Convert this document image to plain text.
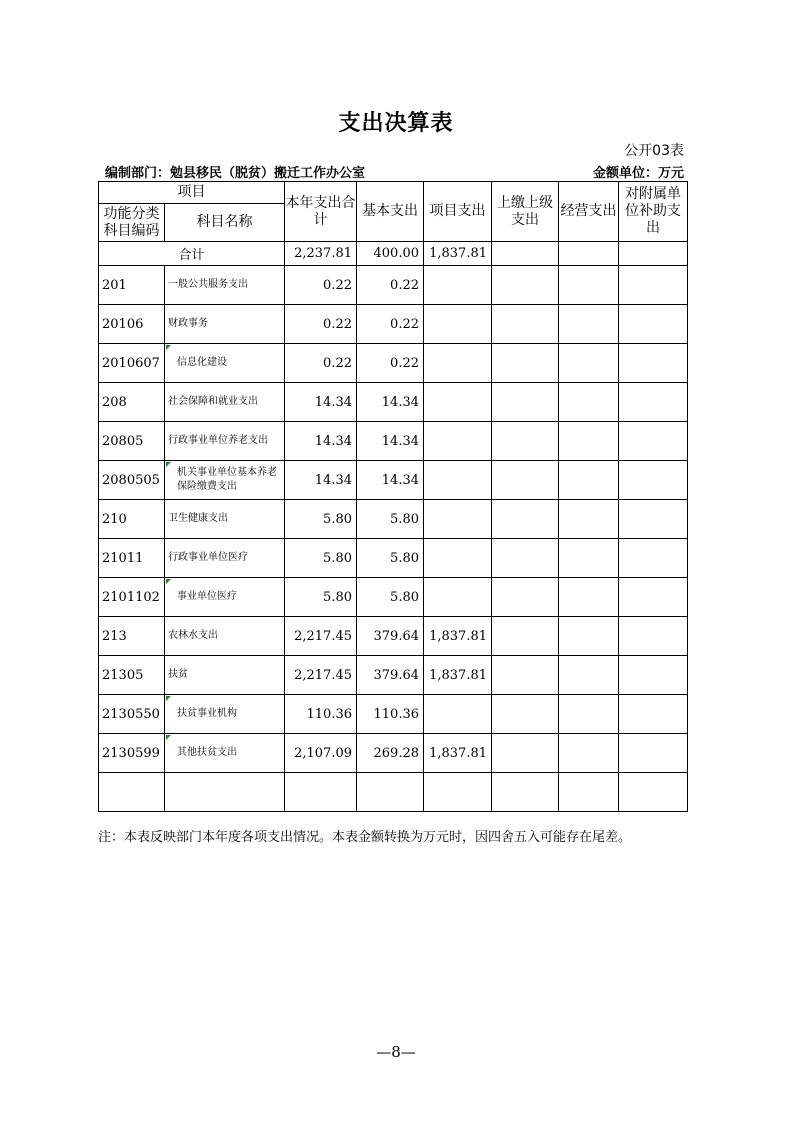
支出决算表
公开03表
编制部门：勉县移民（脱贫）搬迁工作办公室	金额单位：万元
项目		本年支出合计	基本支出	项目支出	上缴上级支出	经营支出	对附属单位补助支出
功能分类科目编码	科目名称						
合计		2,237.81	400.00	1,837.81			
201	一般公共服务支出	0.22	0.22				
20106	财政事务	0.22	0.22				
2010607	信息化建设	0.22	0.22				
208	社会保障和就业支出	14.34	14.34				
20805	行政事业单位养老支出	14.34	14.34				
2080505	机关事业单位基本养老保险缴费支出	14.34	14.34				
210	卫生健康支出	5.80	5.80				
21011	行政事业单位医疗	5.80	5.80				
2101102	事业单位医疗	5.80	5.80				
213	农林水支出	2,217.45	379.64	1,837.81			
21305	扶贫	2,217.45	379.64	1,837.81			
2130550	扶贫事业机构	110.36	110.36				
2130599	其他扶贫支出	2,107.09	269.28	1,837.81			

注：本表反映部门本年度各项支出情况。本表金额转换为万元时，因四舍五入可能存在尾差。
—8—
